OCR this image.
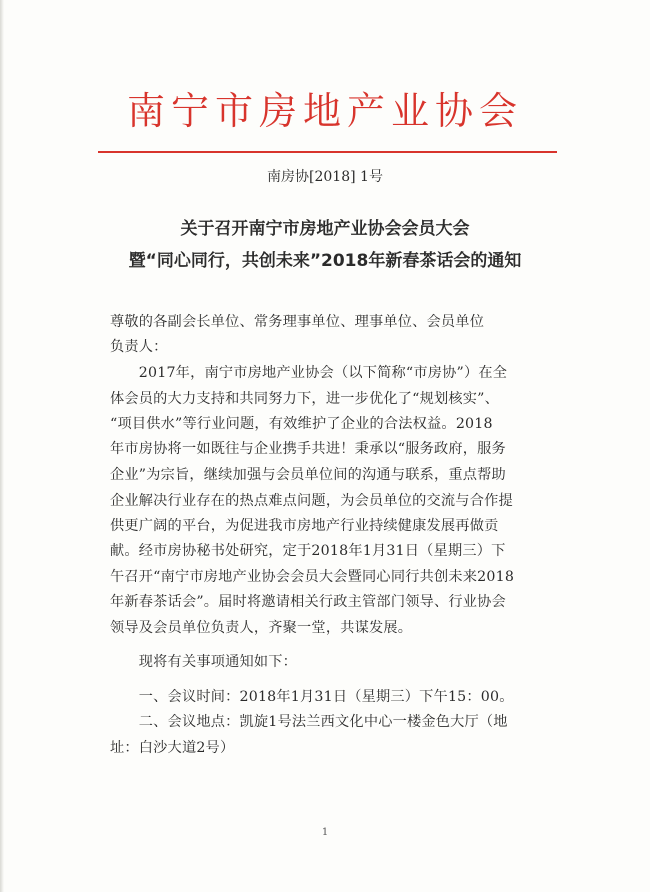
南宁市房地产业协会
南房协[2018] 1号
关于召开南宁市房地产业协会会员大会
暨“同心同行，共创未来”2018年新春茶话会的通知
尊敬的各副会长单位、常务理事单位、理事单位、会员单位
负责人：
　　2017年，南宁市房地产业协会（以下简称“市房协”）在全
体会员的大力支持和共同努力下，进一步优化了“规划核实”、
“项目供水”等行业问题，有效维护了企业的合法权益。2018
年市房协将一如既往与企业携手共进！秉承以“服务政府，服务
企业”为宗旨，继续加强与会员单位间的沟通与联系，重点帮助
企业解决行业存在的热点难点问题，为会员单位的交流与合作提
供更广阔的平台，为促进我市房地产行业持续健康发展再做贡
献。经市房协秘书处研究，定于2018年1月31日（星期三）下
午召开“南宁市房地产业协会会员大会暨同心同行共创未来2018
年新春茶话会”。届时将邀请相关行政主管部门领导、行业协会
领导及会员单位负责人，齐聚一堂，共谋发展。
　　现将有关事项通知如下：
　　一、会议时间：2018年1月31日（星期三）下午15：00。
　　二、会议地点：凯旋1号法兰西文化中心一楼金色大厅（地
址：白沙大道2号）
1
